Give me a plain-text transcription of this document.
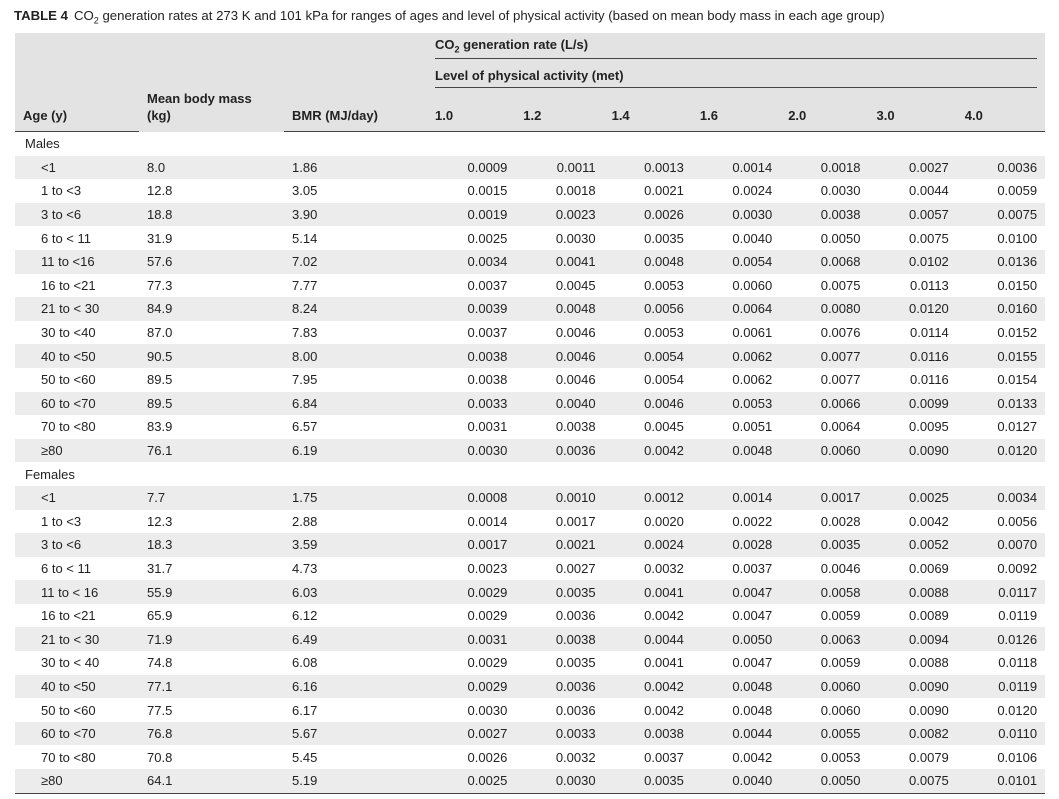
TABLE 4 $CO_2$ generation rates at 273 K and 101 kPa for ranges of ages and level of physical activity (based on mean body mass in each age group)

			$CO_2$ generation rate (L/s)						

	Mean body mass (kg)		Level of physical activity (met)						

Age (y)		BMR (MJ/day)	1.0	1.2	1.4	1.6	2.0	3.0	4.0
Males									
<1	8.0	1.86	0.0009	0.0011	0.0013	0.0014	0.0018	0.0027	0.0036
1 to <3	12.8	3.05	0.0015	0.0018	0.0021	0.0024	0.0030	0.0044	0.0059
3 to <6	18.8	3.90	0.0019	0.0023	0.0026	0.0030	0.0038	0.0057	0.0075
6 to < 11	31.9	5.14	0.0025	0.0030	0.0035	0.0040	0.0050	0.0075	0.0100
11 to <16	57.6	7.02	0.0034	0.0041	0.0048	0.0054	0.0068	0.0102	0.0136
16 to <21	77.3	7.77	0.0037	0.0045	0.0053	0.0060	0.0075	0.0113	0.0150
21 to < 30	84.9	8.24	0.0039	0.0048	0.0056	0.0064	0.0080	0.0120	0.0160
30 to <40	87.0	7.83	0.0037	0.0046	0.0053	0.0061	0.0076	0.0114	0.0152
40 to <50	90.5	8.00	0.0038	0.0046	0.0054	0.0062	0.0077	0.0116	0.0155
50 to <60	89.5	7.95	0.0038	0.0046	0.0054	0.0062	0.0077	0.0116	0.0154
60 to <70	89.5	6.84	0.0033	0.0040	0.0046	0.0053	0.0066	0.0099	0.0133
70 to <80	83.9	6.57	0.0031	0.0038	0.0045	0.0051	0.0064	0.0095	0.0127
≥80	76.1	6.19	0.0030	0.0036	0.0042	0.0048	0.0060	0.0090	0.0120
Females									
<1	7.7	1.75	0.0008	0.0010	0.0012	0.0014	0.0017	0.0025	0.0034
1 to <3	12.3	2.88	0.0014	0.0017	0.0020	0.0022	0.0028	0.0042	0.0056
3 to <6	18.3	3.59	0.0017	0.0021	0.0024	0.0028	0.0035	0.0052	0.0070
6 to < 11	31.7	4.73	0.0023	0.0027	0.0032	0.0037	0.0046	0.0069	0.0092
11 to < 16	55.9	6.03	0.0029	0.0035	0.0041	0.0047	0.0058	0.0088	0.0117
16 to <21	65.9	6.12	0.0029	0.0036	0.0042	0.0047	0.0059	0.0089	0.0119
21 to < 30	71.9	6.49	0.0031	0.0038	0.0044	0.0050	0.0063	0.0094	0.0126
30 to < 40	74.8	6.08	0.0029	0.0035	0.0041	0.0047	0.0059	0.0088	0.0118
40 to <50	77.1	6.16	0.0029	0.0036	0.0042	0.0048	0.0060	0.0090	0.0119
50 to <60	77.5	6.17	0.0030	0.0036	0.0042	0.0048	0.0060	0.0090	0.0120
60 to <70	76.8	5.67	0.0027	0.0033	0.0038	0.0044	0.0055	0.0082	0.0110
70 to <80	70.8	5.45	0.0026	0.0032	0.0037	0.0042	0.0053	0.0079	0.0106
≥80	64.1	5.19	0.0025	0.0030	0.0035	0.0040	0.0050	0.0075	0.0101
